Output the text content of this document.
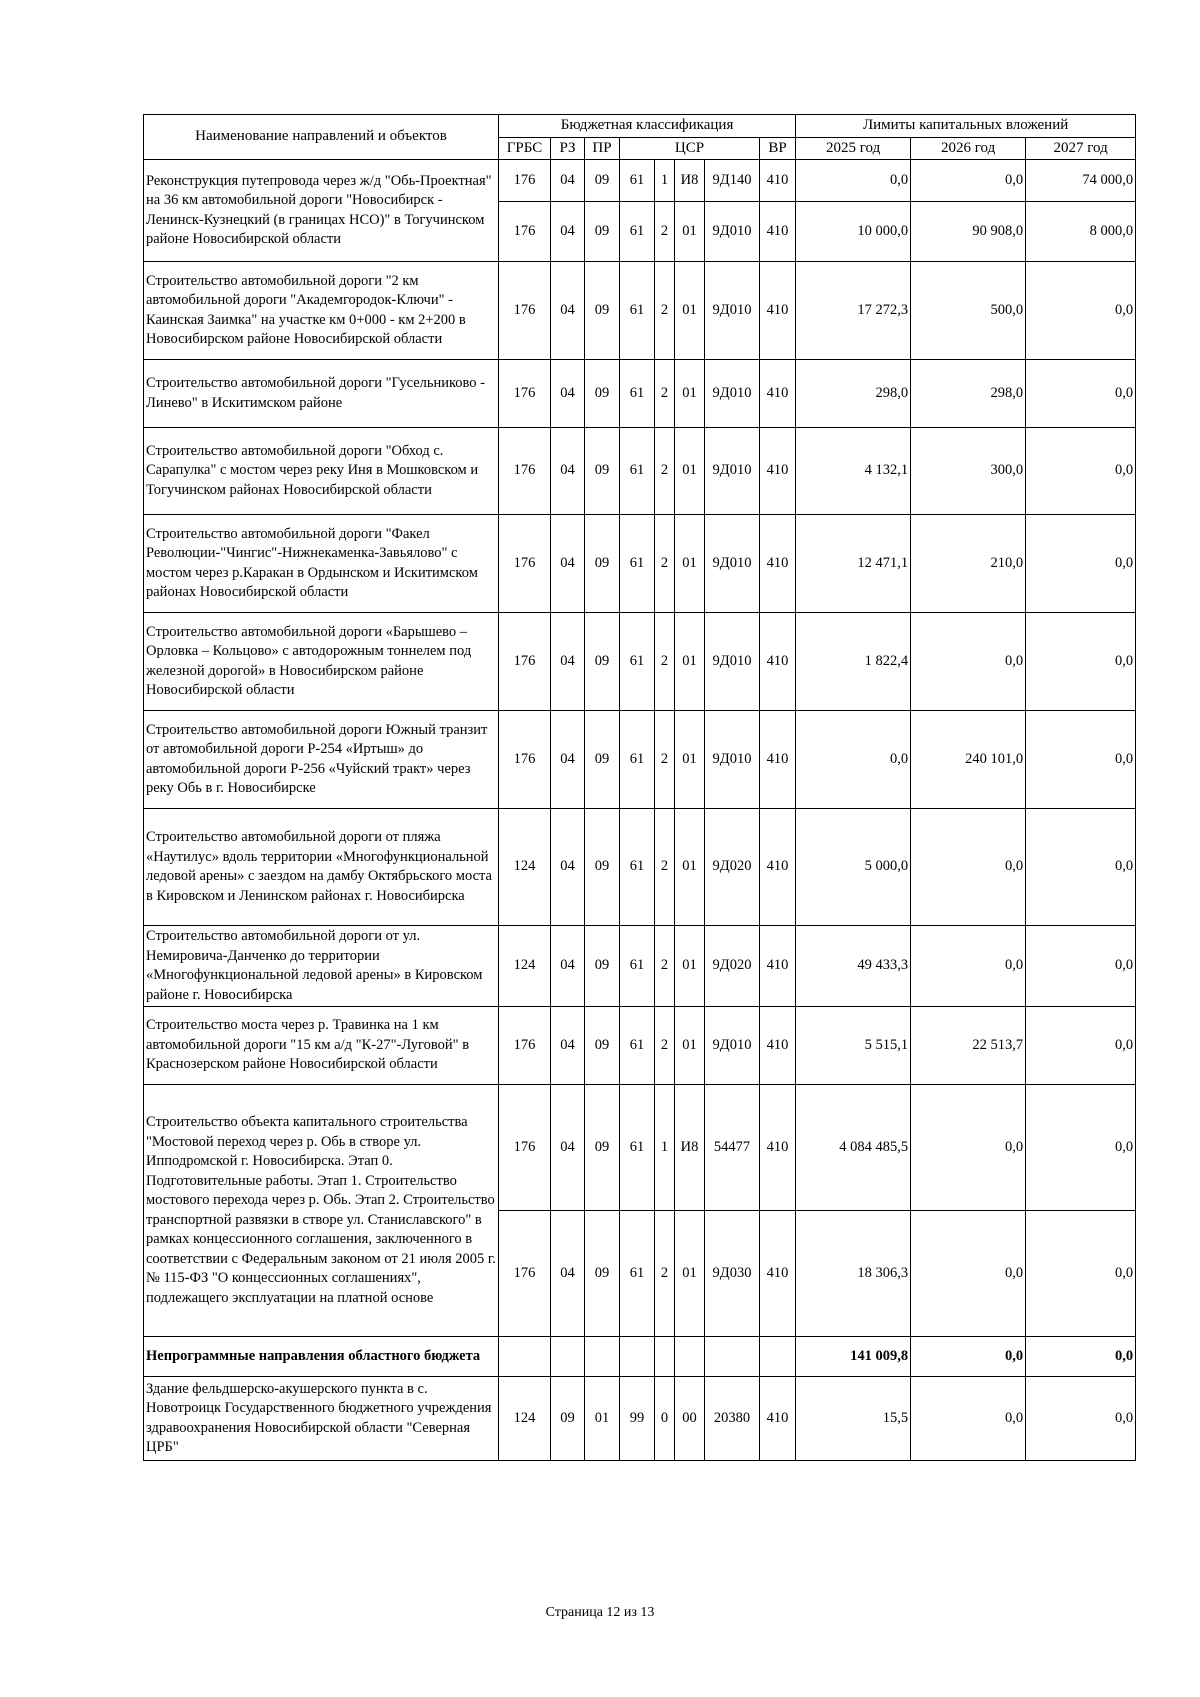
Наименование направлений и объектов	Бюджетная классификация								Лимиты капитальных вложений		
	ГРБС	РЗ	ПР	ЦСР				ВР	2025 год	2026 год	2027 год
Реконструкция путепровода через ж/д "Обь-Проектная" на 36 км автомобильной дороги "Новосибирск - Ленинск-Кузнецкий (в границах НСО)" в Тогучинском районе Новосибирской области	176	04	09	61	1	И8	9Д140	410	0,0	0,0	74 000,0
	176	04	09	61	2	01	9Д010	410	10 000,0	90 908,0	8 000,0
Строительство автомобильной дороги "2 км автомобильной дороги "Академгородок-Ключи" - Каинская Заимка" на участке км 0+000 - км 2+200 в Новосибирском районе Новосибирской области	176	04	09	61	2	01	9Д010	410	17 272,3	500,0	0,0
Строительство автомобильной дороги "Гусельниково - Линево" в Искитимском районе	176	04	09	61	2	01	9Д010	410	298,0	298,0	0,0
Строительство автомобильной дороги "Обход с. Сарапулка" с мостом через реку Иня в Мошковском и Тогучинском районах Новосибирской области	176	04	09	61	2	01	9Д010	410	4 132,1	300,0	0,0
Строительство автомобильной дороги "Факел Революции-"Чингис"-Нижнекаменка-Завьялово" с мостом через р.Каракан в Ордынском и Искитимском районах Новосибирской области	176	04	09	61	2	01	9Д010	410	12 471,1	210,0	0,0
Строительство автомобильной дороги «Барышево – Орловка – Кольцово» с автодорожным тоннелем под железной дорогой» в Новосибирском районе Новосибирской области	176	04	09	61	2	01	9Д010	410	1 822,4	0,0	0,0
Строительство автомобильной дороги Южный транзит от автомобильной дороги Р-254 «Иртыш» до автомобильной дороги Р-256 «Чуйский тракт» через реку Обь в г. Новосибирске	176	04	09	61	2	01	9Д010	410	0,0	240 101,0	0,0
Строительство автомобильной дороги от пляжа «Наутилус» вдоль территории «Многофункциональной ледовой арены» с заездом на дамбу Октябрьского моста в Кировском и Ленинском районах г. Новосибирска	124	04	09	61	2	01	9Д020	410	5 000,0	0,0	0,0
Строительство автомобильной дороги от ул. Немировича-Данченко до территории «Многофункциональной ледовой арены» в Кировском районе г. Новосибирска	124	04	09	61	2	01	9Д020	410	49 433,3	0,0	0,0
Строительство моста через р. Травинка на 1 км автомобильной дороги "15 км а/д "К-27"-Луговой" в Краснозерском районе Новосибирской области	176	04	09	61	2	01	9Д010	410	5 515,1	22 513,7	0,0
Строительство объекта капитального строительства "Мостовой переход через р. Обь в створе ул. Ипподромской г. Новосибирска. Этап 0. Подготовительные работы. Этап 1. Строительство мостового перехода через р. Обь. Этап 2. Строительство транспортной развязки в створе ул. Станиславского" в рамках концессионного соглашения, заключенного в соответствии с Федеральным законом от 21 июля 2005 г. № 115-ФЗ "О концессионных соглашениях", подлежащего эксплуатации на платной основе	176	04	09	61	1	И8	54477	410	4 084 485,5	0,0	0,0
	176	04	09	61	2	01	9Д030	410	18 306,3	0,0	0,0
Непрограммные направления областного бюджета									141 009,8	0,0	0,0
Здание фельдшерско-акушерского пункта в с. Новотроицк Государственного бюджетного учреждения здравоохранения Новосибирской области "Северная ЦРБ"	124	09	01	99	0	00	20380	410	15,5	0,0	0,0
Страница 12 из 13
